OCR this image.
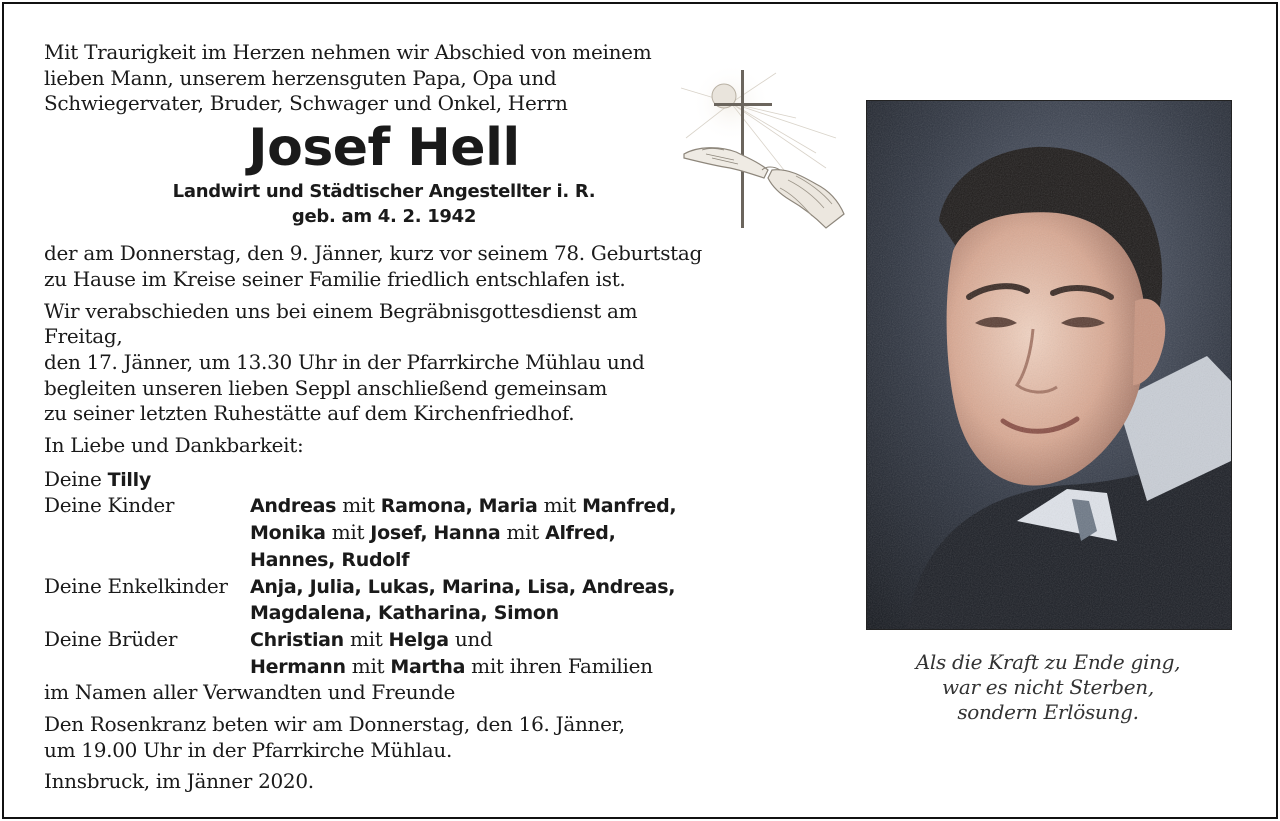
Mit Traurigkeit im Herzen nehmen wir Abschied von meinem

lieben Mann, unserem herzensguten Papa, Opa und

Schwiegervater, Bruder, Schwager und Onkel, Herrn

Josef Hell

Landwirt und Städtischer Angestellter i. R.

geb. am 4. 2. 1942

der am Donnerstag, den 9. Jänner, kurz vor seinem 78. Geburtstag

zu Hause im Kreise seiner Familie friedlich entschlafen ist.

Wir verabschieden uns bei einem Begräbnisgottesdienst am Freitag,

den 17. Jänner, um 13.30 Uhr in der Pfarrkirche Mühlau und

begleiten unseren lieben Seppl anschließend gemeinsam

zu seiner letzten Ruhestätte auf dem Kirchenfriedhof.

In Liebe und Dankbarkeit:

Deine Tilly

Deine Kinder	Andreas mit Ramona, Maria mit Manfred,
Monika mit Josef, Hanna mit Alfred,
Hannes, Rudolf
Deine Enkelkinder	Anja, Julia, Lukas, Marina, Lisa, Andreas,
Magdalena, Katharina, Simon
Deine Brüder	Christian mit Helga und
Hermann mit Martha mit ihren Familien

im Namen aller Verwandten und Freunde

Den Rosenkranz beten wir am Donnerstag, den 16. Jänner,

um 19.00 Uhr in der Pfarrkirche Mühlau.

Innsbruck, im Jänner 2020.

Als die Kraft zu Ende ging,
war es nicht Sterben,
sondern Erlösung.
